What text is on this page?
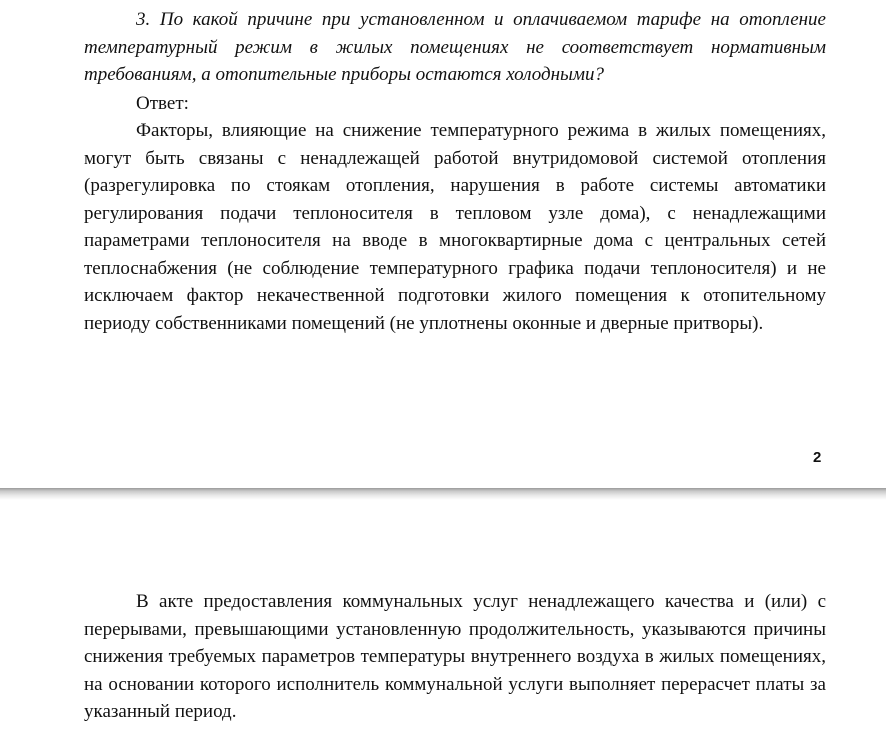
3. По какой причине при установленном и оплачиваемом тарифе на отопление температурный режим в жилых помещениях не соответствует нормативным требованиям, а отопительные приборы остаются холодными?

Ответ:

Факторы, влияющие на снижение температурного режима в жилых помещениях, могут быть связаны с ненадлежащей работой внутридомовой системой отопления (разрегулировка по стоякам отопления, нарушения в работе системы автоматики регулирования подачи теплоносителя в тепловом узле дома), с ненадлежащими параметрами теплоносителя на вводе в многоквартирные дома с центральных сетей теплоснабжения (не соблюдение температурного графика подачи теплоносителя) и не исключаем фактор некачественной подготовки жилого помещения к отопительному периоду собственниками помещений (не уплотнены оконные и дверные притворы).

2

В акте предоставления коммунальных услуг ненадлежащего качества и (или) с перерывами, превышающими установленную продолжительность, указываются причины снижения требуемых параметров температуры внутреннего воздуха в жилых помещениях, на основании которого исполнитель коммунальной услуги выполняет перерасчет платы за указанный период.
